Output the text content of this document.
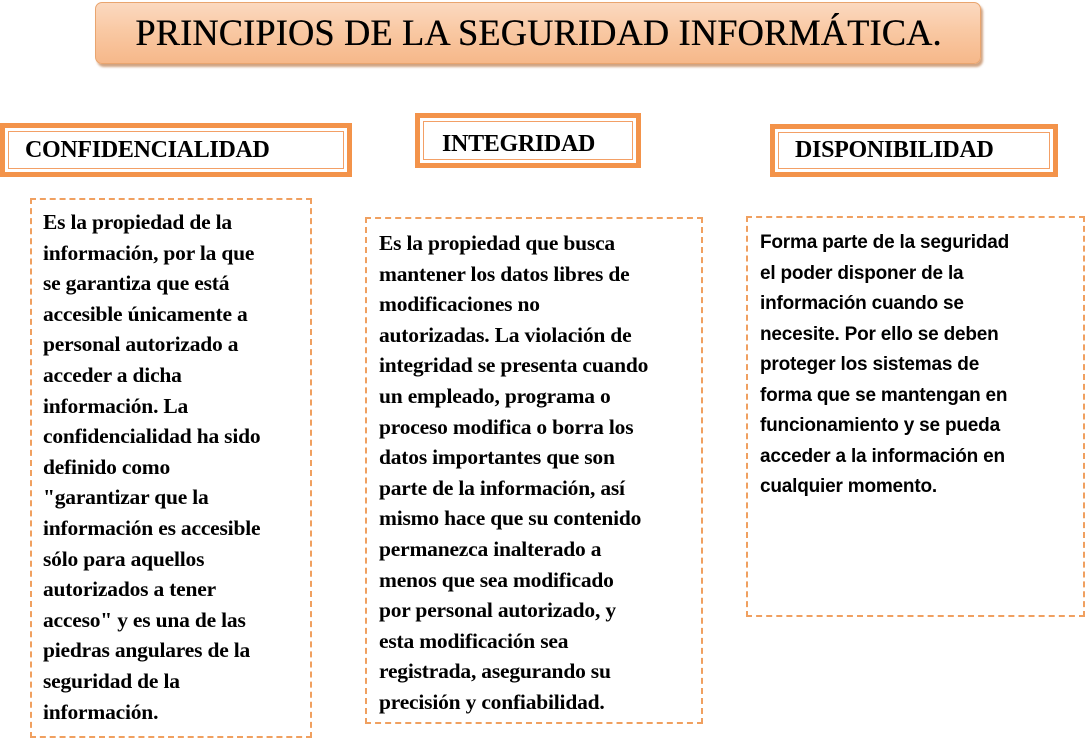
PRINCIPIOS DE LA SEGURIDAD INFORMÁTICA.
CONFIDENCIALIDAD	INTEGRIDAD	DISPONIBILIDAD
Es la propiedad de la
información, por la que
se garantiza que está
accesible únicamente a
personal autorizado a
acceder a dicha
información. La
confidencialidad ha sido
definido como
"garantizar que la
información es accesible
sólo para aquellos
autorizados a tener
acceso" y es una de las
piedras angulares de la
seguridad de la
información.
Es la propiedad que busca
mantener los datos libres de
modificaciones no
autorizadas. La violación de
integridad se presenta cuando
un empleado, programa o
proceso modifica o borra los
datos importantes que son
parte de la información, así
mismo hace que su contenido
permanezca inalterado a
menos que sea modificado
por personal autorizado, y
esta modificación sea
registrada, asegurando su
precisión y confiabilidad.
Forma parte de la seguridad
el poder disponer de la
información cuando se
necesite. Por ello se deben
proteger los sistemas de
forma que se mantengan en
funcionamiento y se pueda
acceder a la información en
cualquier momento.
